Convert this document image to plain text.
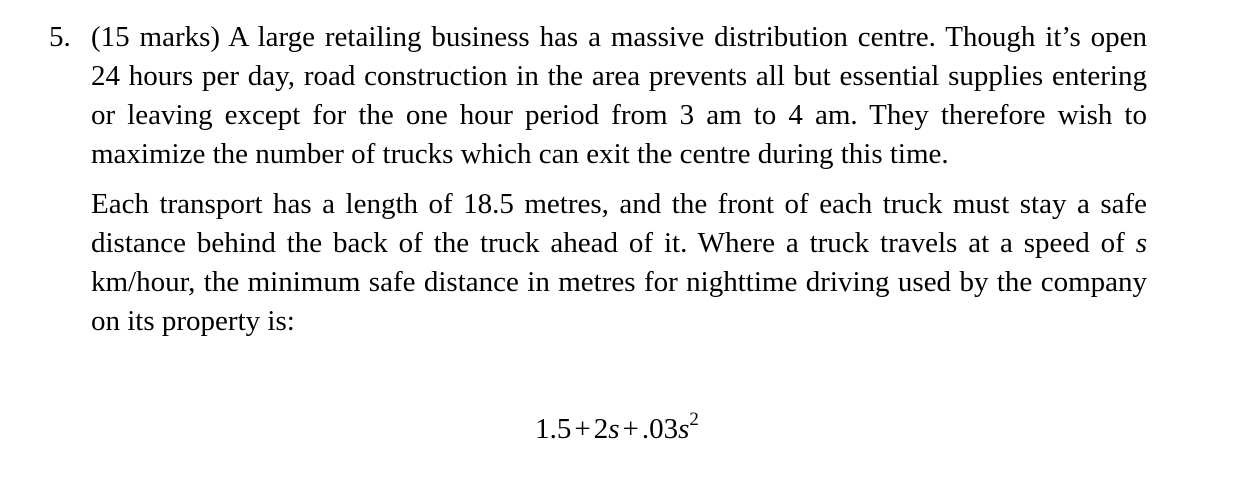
5. (15 marks) A large retailing business has a massive distribution centre. Though it’s open 24 hours per day, road construction in the area prevents all but essential supplies entering or leaving except for the one hour period from 3 am to 4 am. They therefore wish to maximize the number of trucks which can exit the centre during this time.

Each transport has a length of 18.5 metres, and the front of each truck must stay a safe distance behind the back of the truck ahead of it. Where a truck travels at a speed of s km/hour, the minimum safe distance in metres for nighttime driving used by the company on its property is:

$1.5 + 2s + .03s^2$
